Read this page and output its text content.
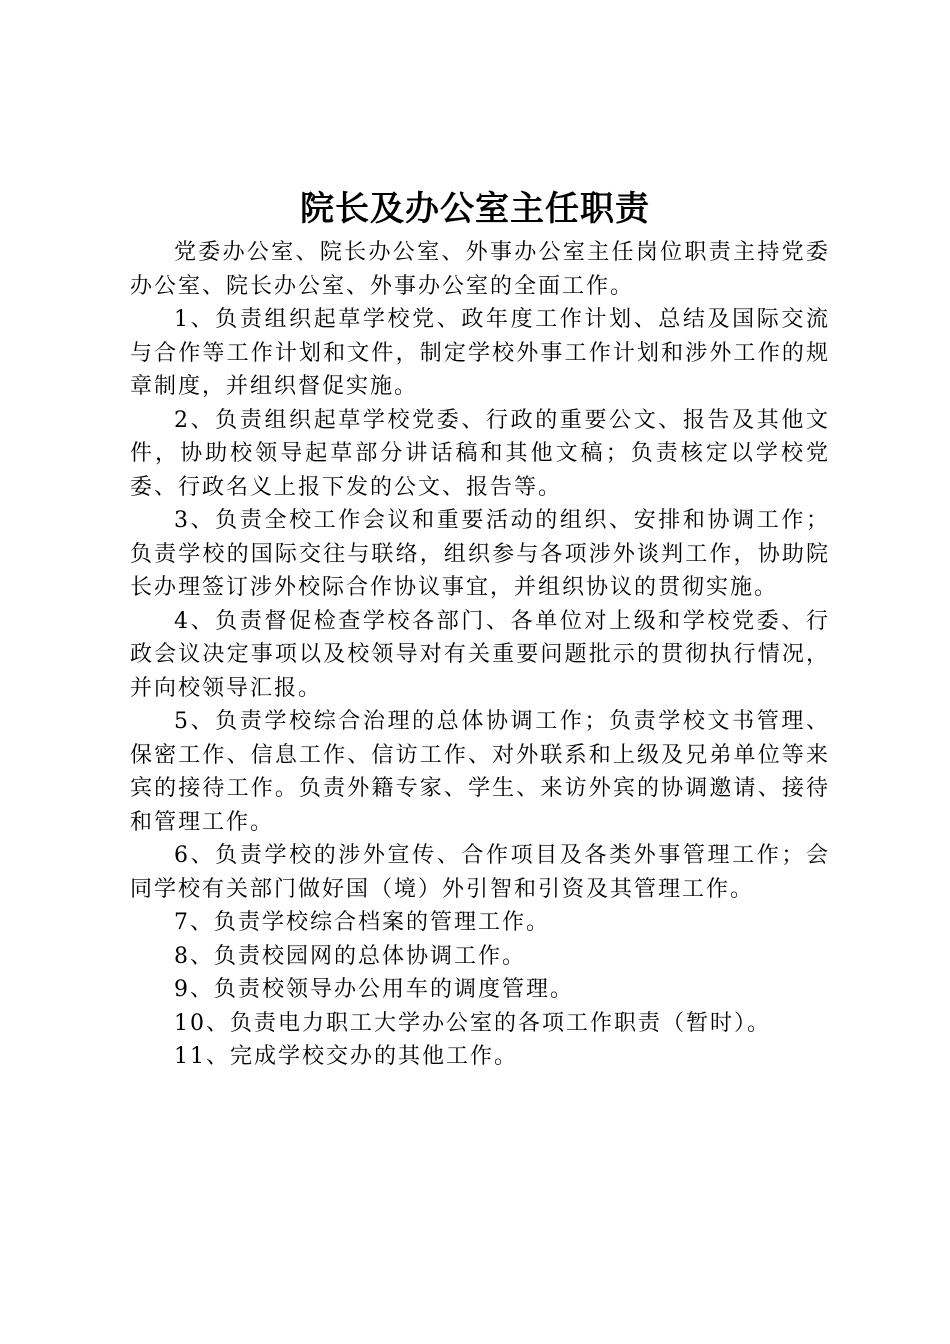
院长及办公室主任职责

党委办公室、院长办公室、外事办公室主任岗位职责主持党委办公室、院长办公室、外事办公室的全面工作。

1、负责组织起草学校党、政年度工作计划、总结及国际交流与合作等工作计划和文件，制定学校外事工作计划和涉外工作的规章制度，并组织督促实施。

2、负责组织起草学校党委、行政的重要公文、报告及其他文件，协助校领导起草部分讲话稿和其他文稿；负责核定以学校党委、行政名义上报下发的公文、报告等。

3、负责全校工作会议和重要活动的组织、安排和协调工作；负责学校的国际交往与联络，组织参与各项涉外谈判工作，协助院长办理签订涉外校际合作协议事宜，并组织协议的贯彻实施。

4、负责督促检查学校各部门、各单位对上级和学校党委、行政会议决定事项以及校领导对有关重要问题批示的贯彻执行情况，并向校领导汇报。

5、负责学校综合治理的总体协调工作；负责学校文书管理、保密工作、信息工作、信访工作、对外联系和上级及兄弟单位等来宾的接待工作。负责外籍专家、学生、来访外宾的协调邀请、接待和管理工作。

6、负责学校的涉外宣传、合作项目及各类外事管理工作；会同学校有关部门做好国（境）外引智和引资及其管理工作。

7、负责学校综合档案的管理工作。

8、负责校园网的总体协调工作。

9、负责校领导办公用车的调度管理。

10、负责电力职工大学办公室的各项工作职责（暂时）。

11、完成学校交办的其他工作。
